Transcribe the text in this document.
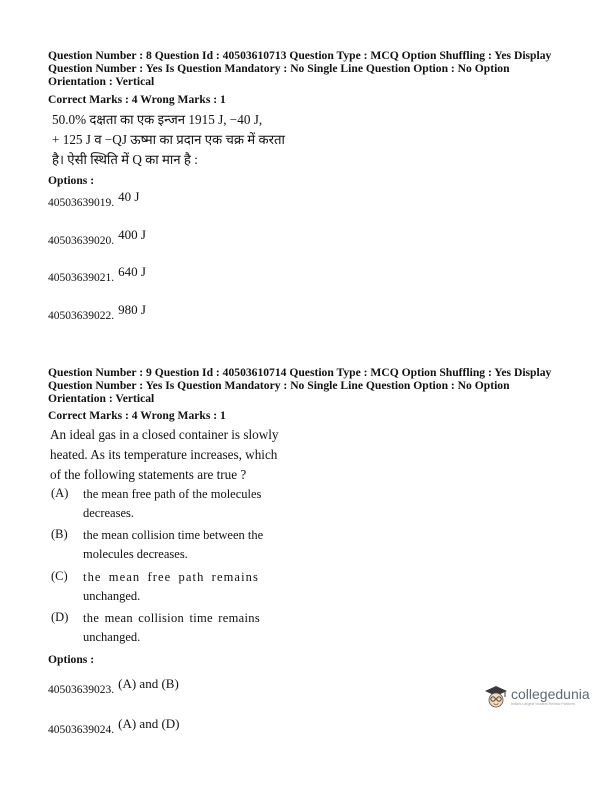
Question Number : 8 Question Id : 40503610713 Question Type : MCQ Option Shuffling : Yes Display
Question Number : Yes Is Question Mandatory : No Single Line Question Option : No Option
Orientation : Vertical
Correct Marks : 4 Wrong Marks : 1
50.0% दक्षता का एक इन्जन 1915 J, −40 J,
+ 125 J व −QJ ऊष्मा का प्रदान एक चक्र में करता
है। ऐसी स्थिति में Q का मान है :
Options :
40503639019. $^{40 J}$
40503639020. $^{400 J}$
40503639021. $^{640 J}$
40503639022. $^{980 J}$
Question Number : 9 Question Id : 40503610714 Question Type : MCQ Option Shuffling : Yes Display
Question Number : Yes Is Question Mandatory : No Single Line Question Option : No Option
Orientation : Vertical
Correct Marks : 4 Wrong Marks : 1
An ideal gas in a closed container is slowly
heated. As its temperature increases, which
of the following statements are true ?
(A) the mean free path of the molecules
decreases.
(B) the mean collision time between the
molecules decreases.
(C) the mean free path remains
unchanged.
(D) the mean collision time remains
unchanged.
Options :
40503639023. $^{(A) and (B)}$
40503639024. $^{(A) and (D)}$
collegedunia
India's Largest Student Review Platform
